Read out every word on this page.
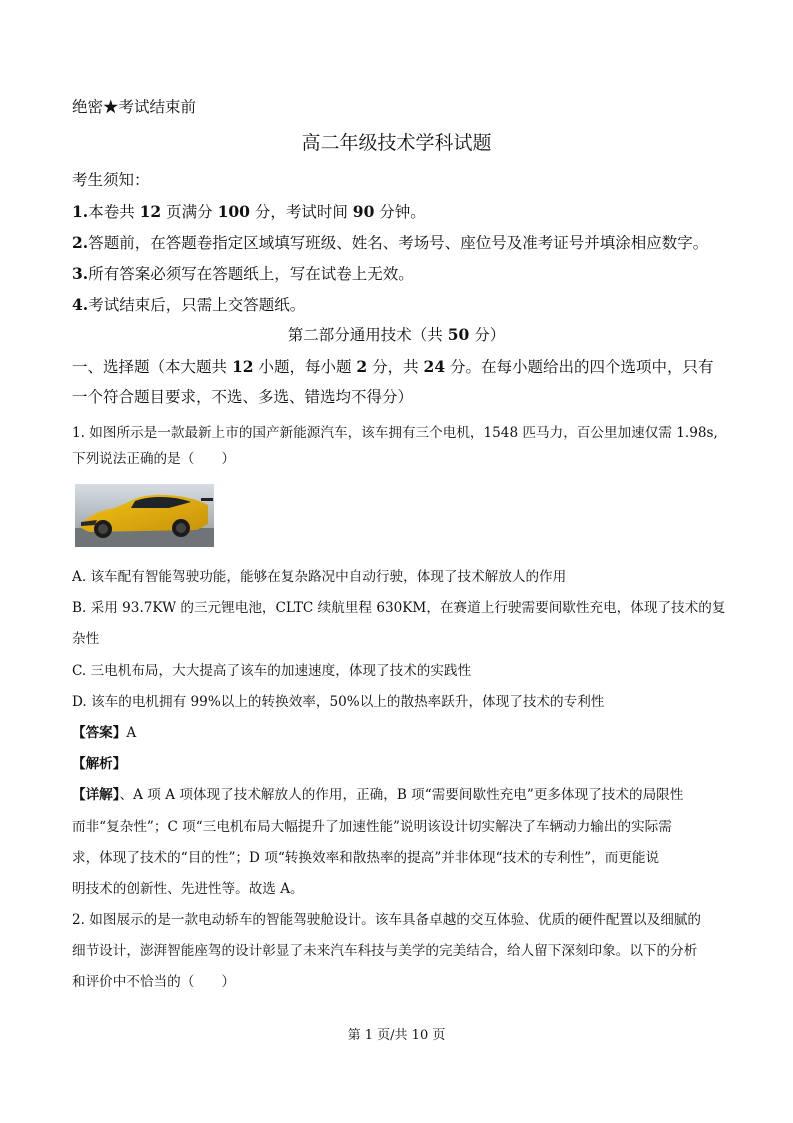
绝密★考试结束前
高二年级技术学科试题
考生须知：
1.本卷共 12 页满分 100 分，考试时间 90 分钟。
2.答题前，在答题卷指定区域填写班级、姓名、考场号、座位号及准考证号并填涂相应数字。
3.所有答案必须写在答题纸上，写在试卷上无效。
4.考试结束后，只需上交答题纸。
第二部分通用技术（共 50 分）
一、选择题（本大题共 12 小题，每小题 2 分，共 24 分。在每小题给出的四个选项中，只有
一个符合题目要求，不选、多选、错选均不得分）
1. 如图所示是一款最新上市的国产新能源汽车，该车拥有三个电机，1548 匹马力，百公里加速仅需 1.98s,
下列说法正确的是（　　）
A. 该车配有智能驾驶功能，能够在复杂路况中自动行驶，体现了技术解放人的作用
B. 采用 93.7KW 的三元锂电池，CLTC 续航里程 630KM，在赛道上行驶需要间歇性充电，体现了技术的复
杂性
C. 三电机布局，大大提高了该车的加速速度，体现了技术的实践性
D. 该车的电机拥有 99%以上的转换效率，50%以上的散热率跃升，体现了技术的专利性
【答案】A
【解析】
【详解】、A 项 A 项体现了技术解放人的作用，正确，B 项“需要间歇性充电”更多体现了技术的局限性
而非“复杂性”；C 项“三电机布局大幅提升了加速性能”说明该设计切实解决了车辆动力输出的实际需
求，体现了技术的“目的性”；D 项“转换效率和散热率的提高”并非体现“技术的专利性”，而更能说
明技术的创新性、先进性等。故选 A。
2. 如图展示的是一款电动轿车的智能驾驶舱设计。该车具备卓越的交互体验、优质的硬件配置以及细腻的
细节设计，澎湃智能座驾的设计彰显了未来汽车科技与美学的完美结合，给人留下深刻印象。以下的分析
和评价中不恰当的（　　）
第 1 页/共 10 页
